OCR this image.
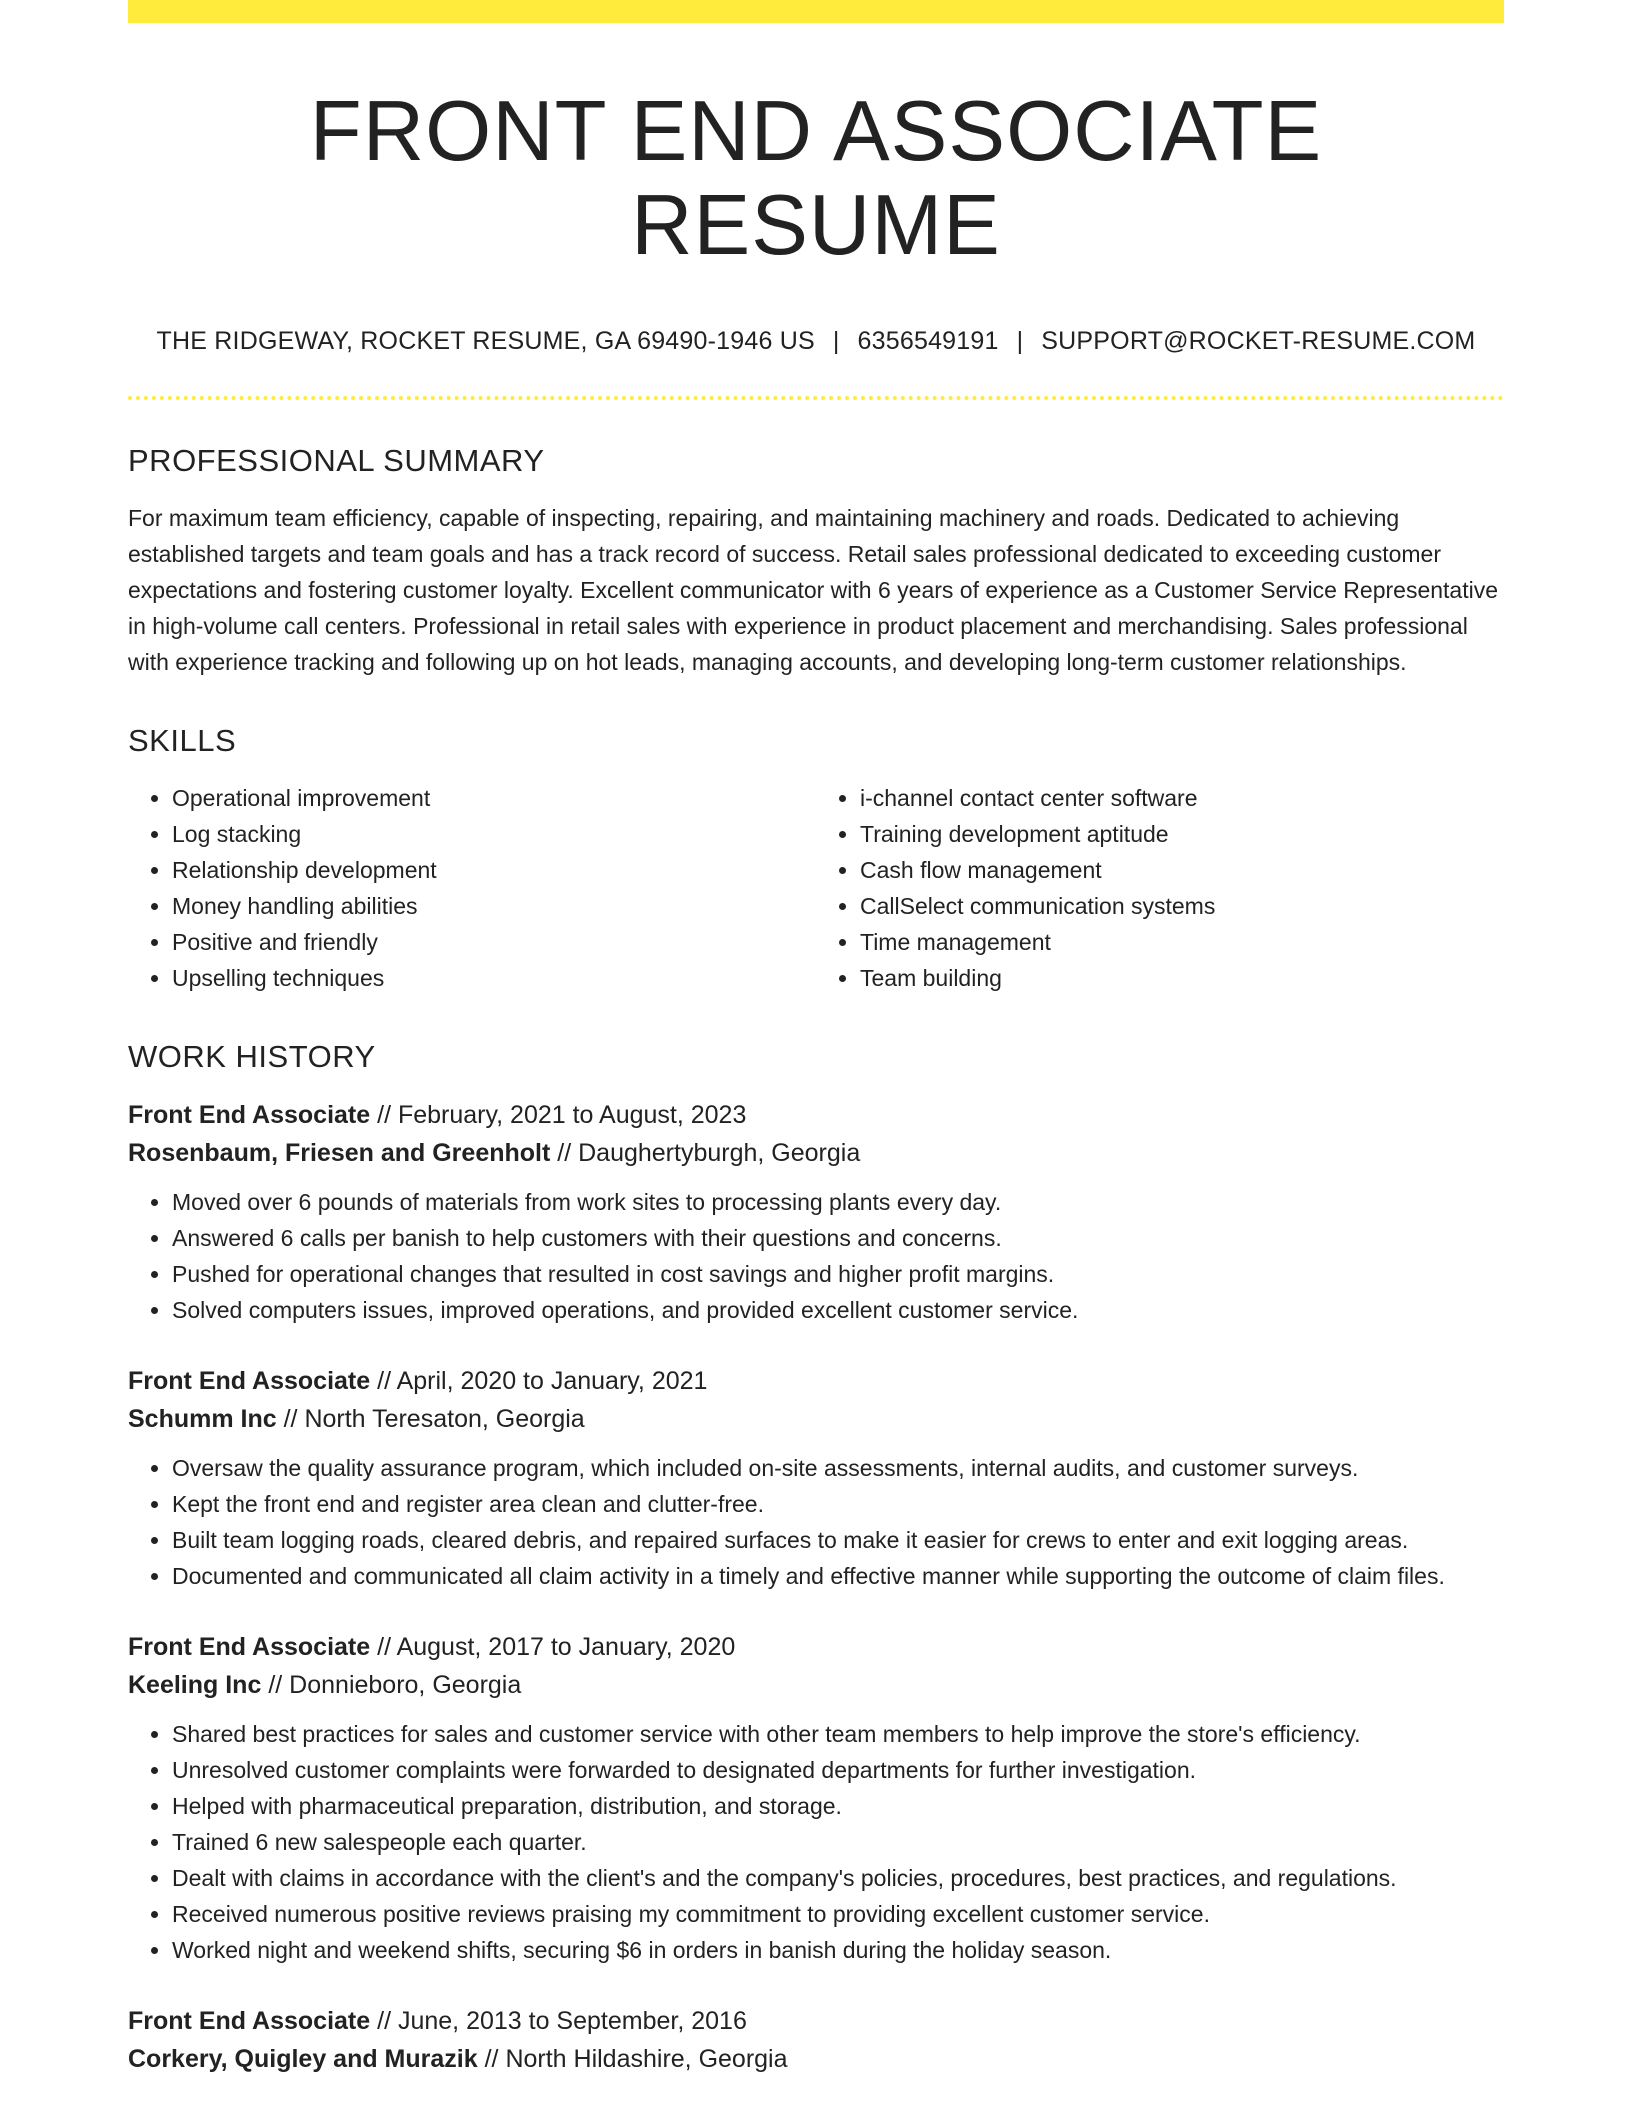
FRONT END ASSOCIATE RESUME
THE RIDGEWAY, ROCKET RESUME, GA 69490-1946 US | 6356549191 | SUPPORT@ROCKET-RESUME.COM
PROFESSIONAL SUMMARY

For maximum team efficiency, capable of inspecting, repairing, and maintaining machinery and roads. Dedicated to achieving established targets and team goals and has a track record of success. Retail sales professional dedicated to exceeding customer expectations and fostering customer loyalty. Excellent communicator with 6 years of experience as a Customer Service Representative in high-volume call centers. Professional in retail sales with experience in product placement and merchandising. Sales professional with experience tracking and following up on hot leads, managing accounts, and developing long-term customer relationships.

SKILLS
• Operational improvement
• Log stacking
• Relationship development
• Money handling abilities
• Positive and friendly
• Upselling techniques
• i-channel contact center software
• Training development aptitude
• Cash flow management
• CallSelect communication systems
• Time management
• Team building
WORK HISTORY
Front End Associate // February, 2021 to August, 2023
Rosenbaum, Friesen and Greenholt // Daughertyburgh, Georgia
• Moved over 6 pounds of materials from work sites to processing plants every day.
• Answered 6 calls per banish to help customers with their questions and concerns.
• Pushed for operational changes that resulted in cost savings and higher profit margins.
• Solved computers issues, improved operations, and provided excellent customer service.
Front End Associate // April, 2020 to January, 2021
Schumm Inc // North Teresaton, Georgia
• Oversaw the quality assurance program, which included on-site assessments, internal audits, and customer surveys.
• Kept the front end and register area clean and clutter-free.
• Built team logging roads, cleared debris, and repaired surfaces to make it easier for crews to enter and exit logging areas.
• Documented and communicated all claim activity in a timely and effective manner while supporting the outcome of claim files.
Front End Associate // August, 2017 to January, 2020
Keeling Inc // Donnieboro, Georgia
• Shared best practices for sales and customer service with other team members to help improve the store's efficiency.
• Unresolved customer complaints were forwarded to designated departments for further investigation.
• Helped with pharmaceutical preparation, distribution, and storage.
• Trained 6 new salespeople each quarter.
• Dealt with claims in accordance with the client's and the company's policies, procedures, best practices, and regulations.
• Received numerous positive reviews praising my commitment to providing excellent customer service.
• Worked night and weekend shifts, securing $6 in orders in banish during the holiday season.
Front End Associate // June, 2013 to September, 2016
Corkery, Quigley and Murazik // North Hildashire, Georgia
